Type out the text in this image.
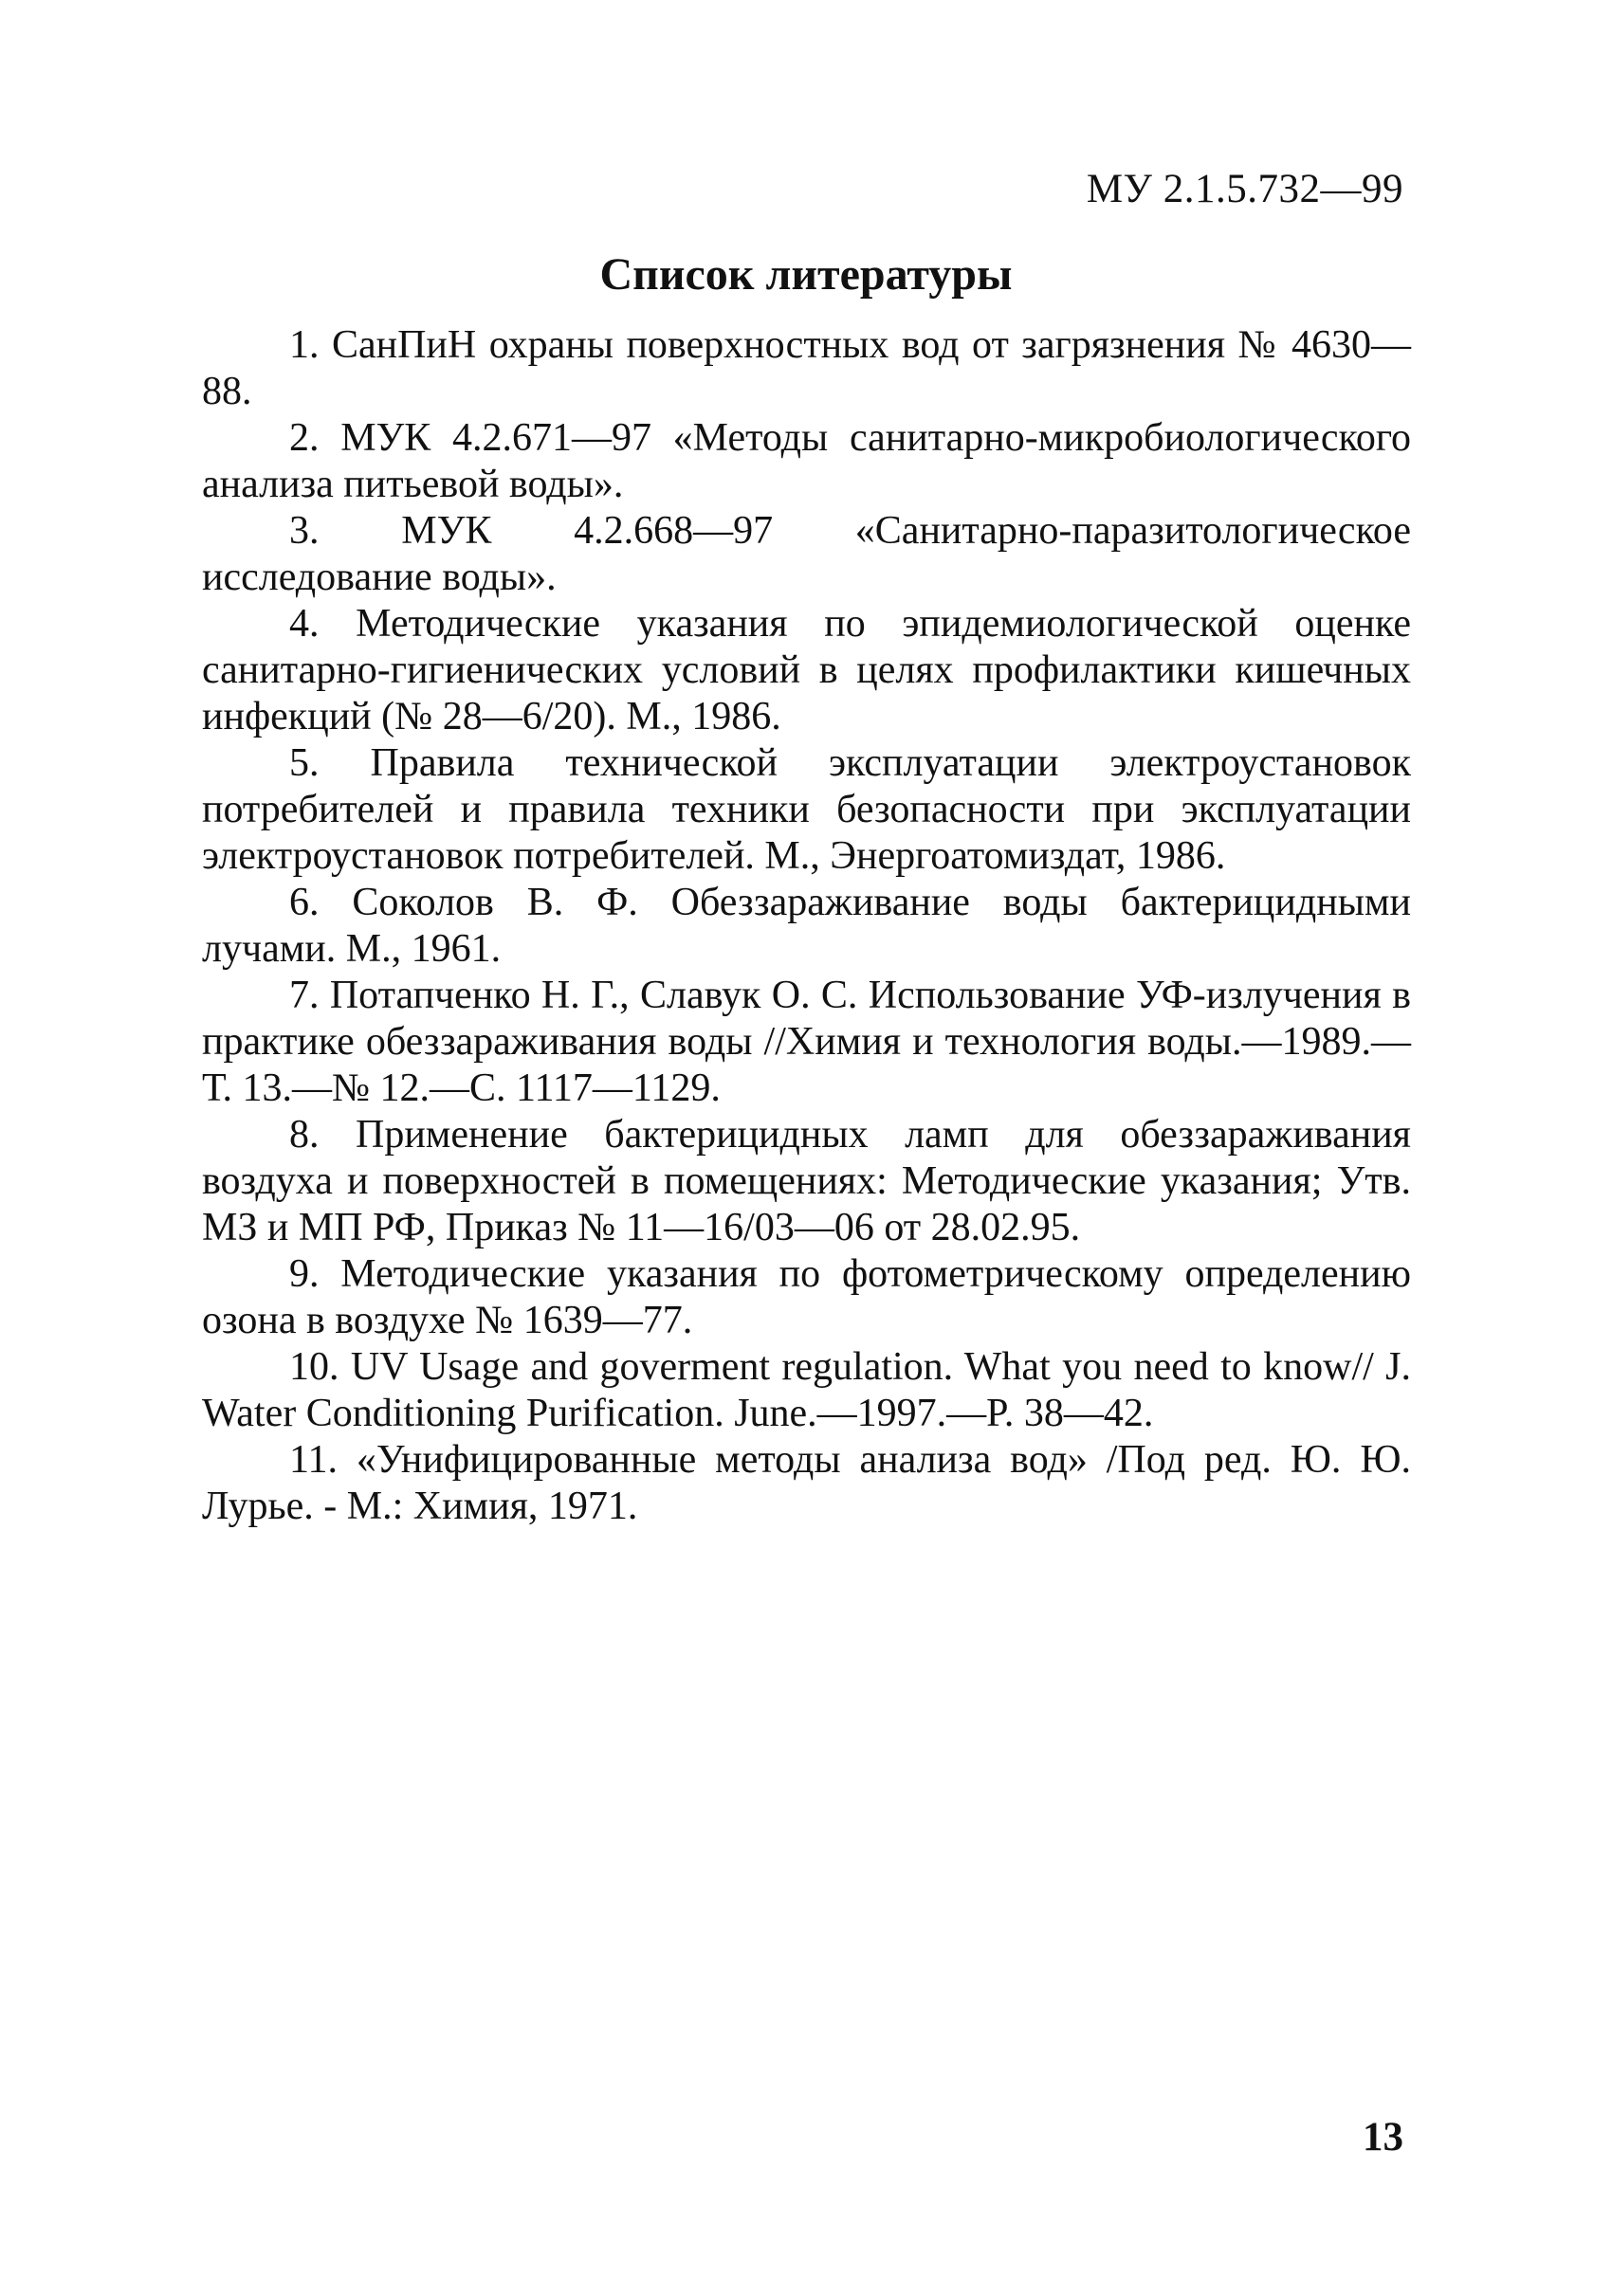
МУ 2.1.5.732—99
Список литературы
1. СанПиН охраны поверхностных вод от загрязнения № 4630—88.
2. МУК 4.2.671—97 «Методы санитарно-микробиологического анализа питьевой воды».
3. МУК 4.2.668—97 «Санитарно-паразитологическое исследование воды».
4. Методические указания по эпидемиологической оценке санитарно-гигиенических условий в целях профилактики кишечных инфекций (№ 28—6/20). М., 1986.
5. Правила технической эксплуатации электроустановок потребителей и правила техники безопасности при эксплуатации электроустановок потребителей. М., Энергоатомиздат, 1986.
6. Соколов В. Ф. Обеззараживание воды бактерицидными лучами. М., 1961.
7. Потапченко Н. Г., Славук О. С. Использование УФ-излучения в практике обеззараживания воды //Химия и технология воды.—1989.—Т. 13.—№ 12.—С. 1117—1129.
8. Применение бактерицидных ламп для обеззараживания воздуха и поверхностей в помещениях: Методические указания; Утв. МЗ и МП РФ, Приказ № 11—16/03—06 от 28.02.95.
9. Методические указания по фотометрическому определению озона в воздухе № 1639—77.
10. UV Usage and goverment regulation. What you need to know// J. Water Conditioning Purification. June.—1997.—P. 38—42.
11. «Унифицированные методы анализа вод» /Под ред. Ю. Ю. Лурье. - М.: Химия, 1971.
13
